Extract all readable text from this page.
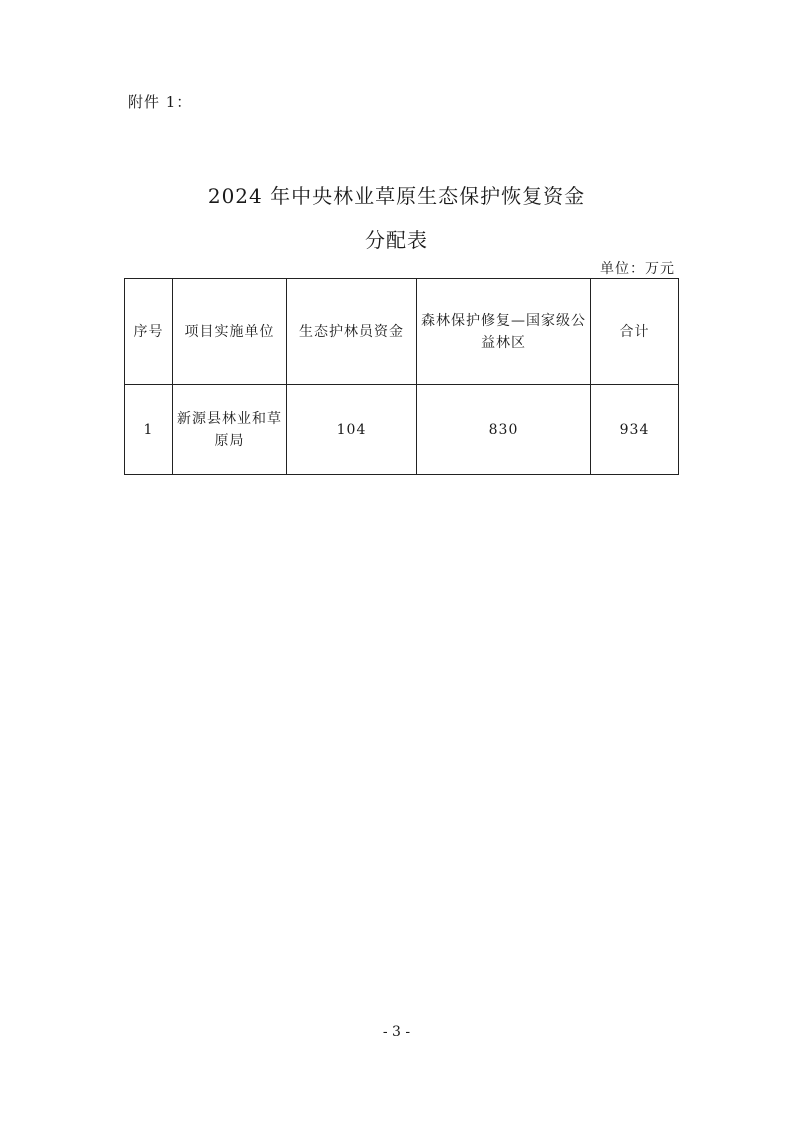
附件 1：
2024 年中央林业草原生态保护恢复资金
分配表
单位：万元
序号	项目实施单位	生态护林员资金	森林保护修复—国家级公益林区	合计
1	新源县林业和草原局	104	830	934
- 3 -
